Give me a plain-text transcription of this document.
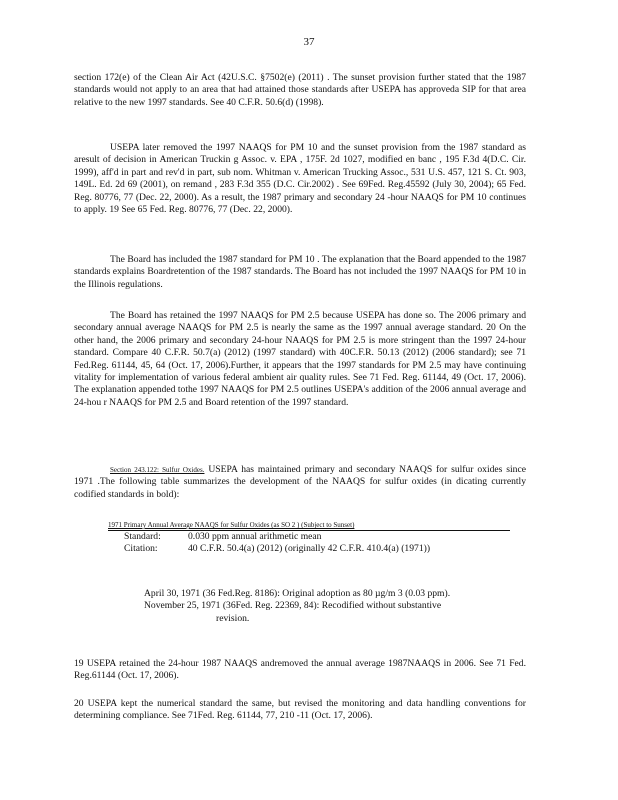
37

section 172(e) of the Clean Air Act (42U.S.C. §7502(e) (2011) . The sunset provision further stated that the 1987 standards would not apply to an area that had attained those standards after USEPA has approveda SIP for that area relative to the new 1997 standards. See 40 C.F.R. 50.6(d) (1998).

USEPA later removed the 1997 NAAQS for PM 10 and the sunset provision from the 1987 standard as aresult of decision in American Truckin g Assoc. v. EPA , 175F. 2d 1027, modified en banc , 195 F.3d 4(D.C. Cir. 1999), aff'd in part and rev'd in part, sub nom. Whitman v. American Trucking Assoc., 531 U.S. 457, 121 S. Ct. 903, 149L. Ed. 2d 69 (2001), on remand , 283 F.3d 355 (D.C. Cir.2002) . See 69Fed. Reg.45592 (July 30, 2004); 65 Fed. Reg. 80776, 77 (Dec. 22, 2000). As a result, the 1987 primary and secondary 24 -hour NAAQS for PM 10 continues to apply. 19 See 65 Fed. Reg. 80776, 77 (Dec. 22, 2000).

The Board has included the 1987 standard for PM 10 . The explanation that the Board appended to the 1987 standards explains Boardretention of the 1987 standards. The Board has not included the 1997 NAAQS for PM 10 in the Illinois regulations.

The Board has retained the 1997 NAAQS for PM 2.5 because USEPA has done so. The 2006 primary and secondary annual average NAAQS for PM 2.5 is nearly the same as the 1997 annual average standard. 20 On the other hand, the 2006 primary and secondary 24-hour NAAQS for PM 2.5 is more stringent than the 1997 24-hour standard. Compare 40 C.F.R. 50.7(a) (2012) (1997 standard) with 40C.F.R. 50.13 (2012) (2006 standard); see 71 Fed.Reg. 61144, 45, 64 (Oct. 17, 2006).Further, it appears that the 1997 standards for PM 2.5 may have continuing vitality for implementation of various federal ambient air quality rules. See 71 Fed. Reg. 61144, 49 (Oct. 17, 2006). The explanation appended tothe 1997 NAAQS for PM 2.5 outlines USEPA's addition of the 2006 annual average and 24-hou r NAAQS for PM 2.5 and Board retention of the 1997 standard.

Section 243.122: Sulfur Oxides. USEPA has maintained primary and secondary NAAQS for sulfur oxides since 1971 .The following table summarizes the development of the NAAQS for sulfur oxides (in dicating currently codified standards in bold):

1971 Primary Annual Average NAAQS for Sulfur Oxides (as SO 2 ) (Subject to Sunset)
Standard:	0.030 ppm annual arithmetic mean
Citation:	40 C.F.R. 50.4(a) (2012) (originally 42 C.F.R. 410.4(a) (1971))
April 30, 1971 (36 Fed.Reg. 8186): Original adoption as 80 µg/m 3 (0.03 ppm).
November 25, 1971 (36Fed. Reg. 22369, 84): Recodified without substantive
revision.
19 USEPA retained the 24-hour 1987 NAAQS andremoved the annual average 1987NAAQS in 2006. See 71 Fed. Reg.61144 (Oct. 17, 2006).
20 USEPA kept the numerical standard the same, but revised the monitoring and data handling conventions for determining compliance. See 71Fed. Reg. 61144, 77, 210 -11 (Oct. 17, 2006).
